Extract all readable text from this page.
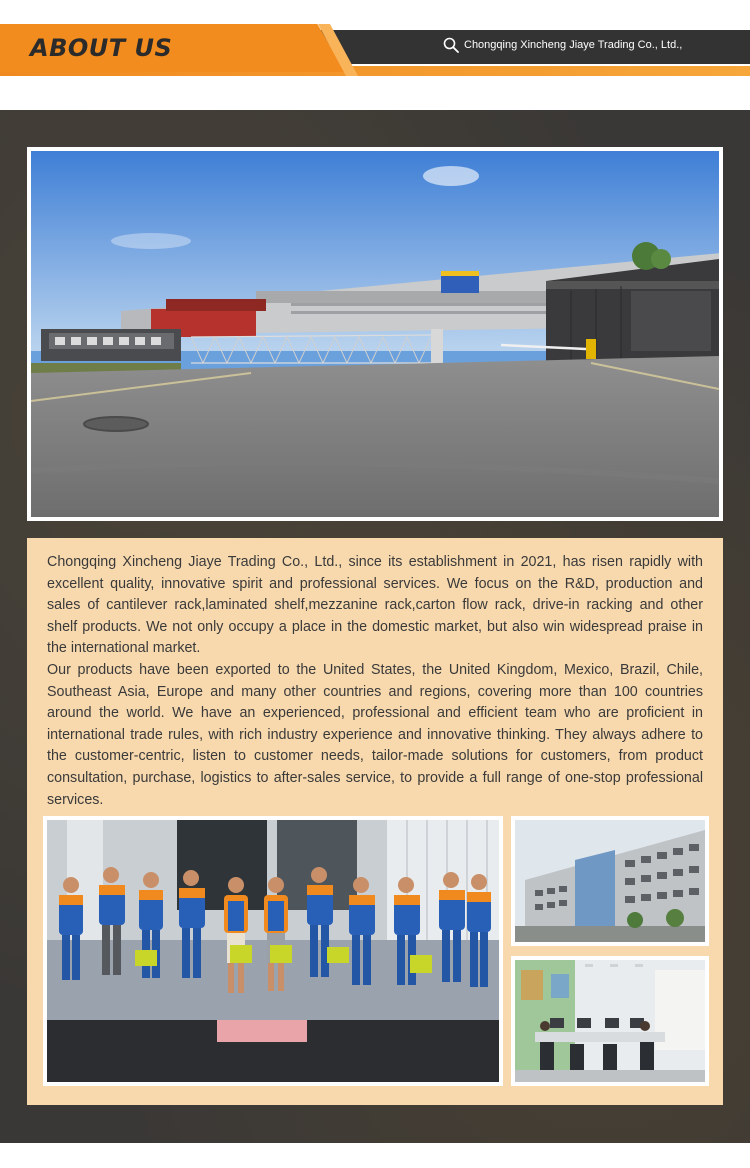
ABOUT US	Chongqing Xincheng Jiaye Trading Co., Ltd.,

Chongqing Xincheng Jiaye Trading Co., Ltd., since its establishment in 2021, has risen rapidly with excellent quality, innovative spirit and professional services. We focus on the R&D, production and sales of cantilever rack,laminated shelf,mezzanine rack,carton flow rack, drive-in racking and other shelf products. We not only occupy a place in the domestic market, but also win widespread praise in the international market.

Our products have been exported to the United States, the United Kingdom, Mexico, Brazil, Chile, Southeast Asia, Europe and many other countries and regions, covering more than 100 countries around the world. We have an experienced, professional and efficient team who are proficient in international trade rules, with rich industry experience and innovative thinking. They always adhere to the customer-centric, listen to customer needs, tailor-made solutions for customers, from product consultation, purchase, logistics to after-sales service, to provide a full range of one-stop professional services.
